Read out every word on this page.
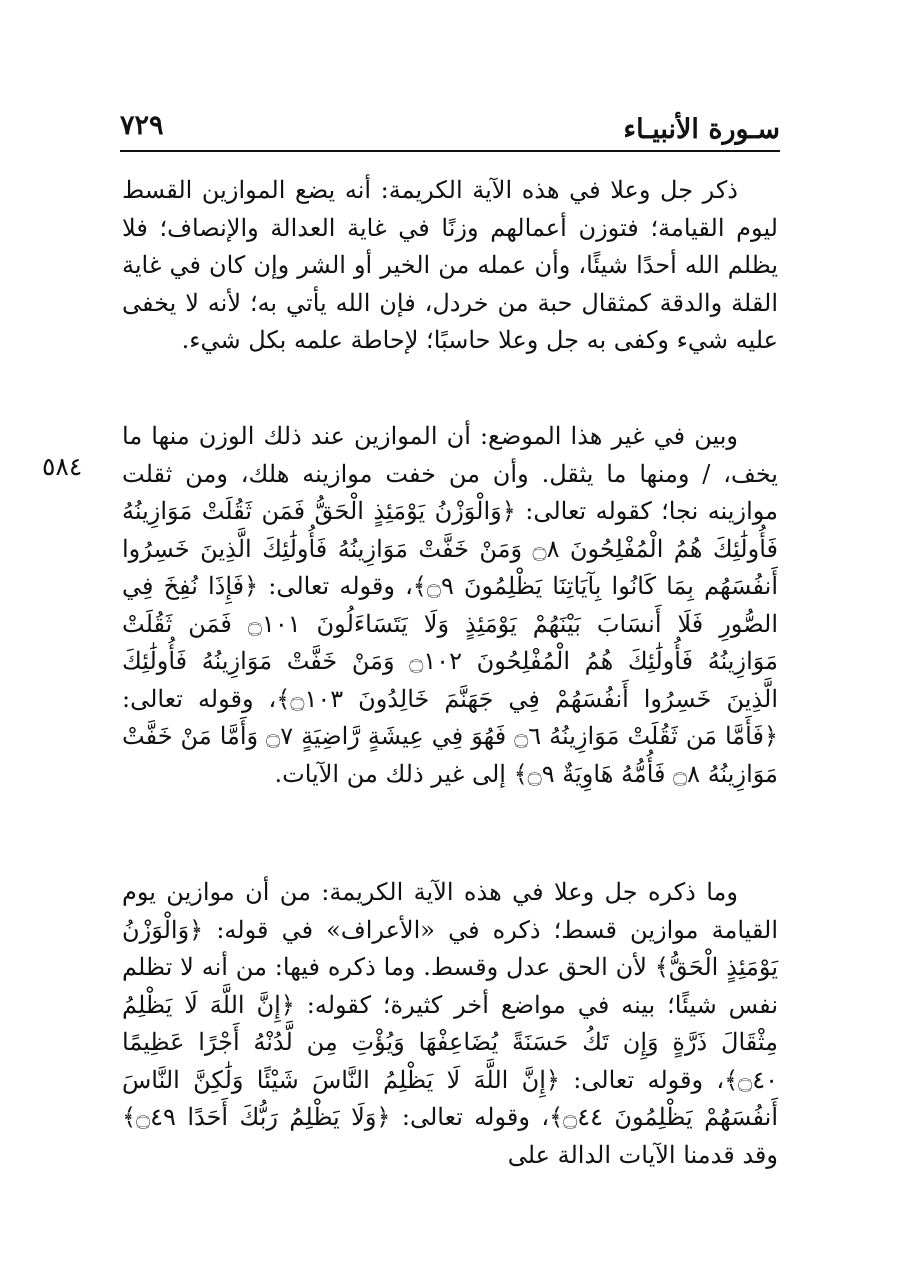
سـورة الأنبيـاء
٧٢٩
٥٨٤

ذكر جل وعلا في هذه الآية الكريمة: أنه يضع الموازين القسط ليوم القيامة؛ فتوزن أعمالهم وزنًا في غاية العدالة والإنصاف؛ فلا يظلم الله أحدًا شيئًا، وأن عمله من الخير أو الشر وإن كان في غاية القلة والدقة كمثقال حبة من خردل، فإن الله يأتي به؛ لأنه لا يخفى عليه شيء وكفى به جل وعلا حاسبًا؛ لإحاطة علمه بكل شيء.

وبين في غير هذا الموضع: أن الموازين عند ذلك الوزن منها ما يخف، / ومنها ما يثقل. وأن من خفت موازينه هلك، ومن ثقلت موازينه نجا؛ كقوله تعالى: ﴿وَالْوَزْنُ يَوْمَئِذٍ الْحَقُّ فَمَن ثَقُلَتْ مَوَازِينُهُ فَأُولَٰئِكَ هُمُ الْمُفْلِحُونَ ۝٨ وَمَنْ خَفَّتْ مَوَازِينُهُ فَأُولَٰئِكَ الَّذِينَ خَسِرُوا أَنفُسَهُم بِمَا كَانُوا بِآيَاتِنَا يَظْلِمُونَ ۝٩﴾، وقوله تعالى: ﴿فَإِذَا نُفِخَ فِي الصُّورِ فَلَا أَنسَابَ بَيْنَهُمْ يَوْمَئِذٍ وَلَا يَتَسَاءَلُونَ ۝١٠١ فَمَن ثَقُلَتْ مَوَازِينُهُ فَأُولَٰئِكَ هُمُ الْمُفْلِحُونَ ۝١٠٢ وَمَنْ خَفَّتْ مَوَازِينُهُ فَأُولَٰئِكَ الَّذِينَ خَسِرُوا أَنفُسَهُمْ فِي جَهَنَّمَ خَالِدُونَ ۝١٠٣﴾، وقوله تعالى: ﴿فَأَمَّا مَن ثَقُلَتْ مَوَازِينُهُ ۝٦ فَهُوَ فِي عِيشَةٍ رَّاضِيَةٍ ۝٧ وَأَمَّا مَنْ خَفَّتْ مَوَازِينُهُ ۝٨ فَأُمُّهُ هَاوِيَةٌ ۝٩﴾ إلى غير ذلك من الآيات.

وما ذكره جل وعلا في هذه الآية الكريمة: من أن موازين يوم القيامة موازين قسط؛ ذكره في «الأعراف» في قوله: ﴿وَالْوَزْنُ يَوْمَئِذٍ الْحَقُّ﴾ لأن الحق عدل وقسط. وما ذكره فيها: من أنه لا تظلم نفس شيئًا؛ بينه في مواضع أخر كثيرة؛ كقوله: ﴿إِنَّ اللَّهَ لَا يَظْلِمُ مِثْقَالَ ذَرَّةٍ وَإِن تَكُ حَسَنَةً يُضَاعِفْهَا وَيُؤْتِ مِن لَّدُنْهُ أَجْرًا عَظِيمًا ۝٤٠﴾، وقوله تعالى: ﴿إِنَّ اللَّهَ لَا يَظْلِمُ النَّاسَ شَيْئًا وَلَٰكِنَّ النَّاسَ أَنفُسَهُمْ يَظْلِمُونَ ۝٤٤﴾، وقوله تعالى: ﴿وَلَا يَظْلِمُ رَبُّكَ أَحَدًا ۝٤٩﴾ وقد قدمنا الآيات الدالة على
